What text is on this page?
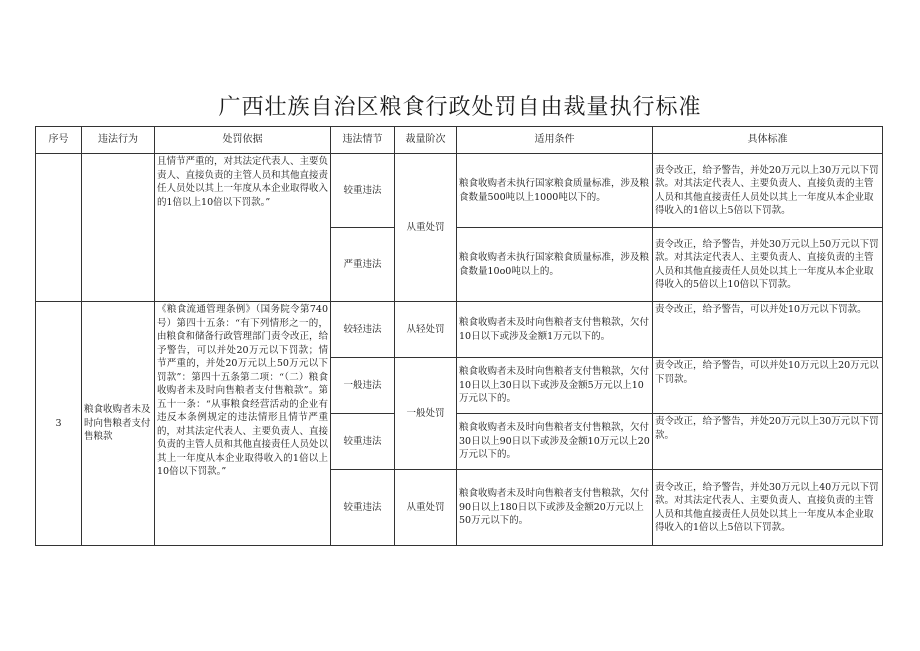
广西壮族自治区粮食行政处罚自由裁量执行标准
序号	违法行为	处罚依据	违法情节	裁量阶次	适用条件	具体标准
		且情节严重的，对其法定代表人、主要负责人、直接负责的主管人员和其他直接责任人员处以其上一年度从本企业取得收入的1倍以上10倍以下罚款。”	较重违法	从重处罚	粮食收购者未执行国家粮食质量标准，涉及粮食数量500吨以上1000吨以下的。	责令改正，给予警告，并处20万元以上30万元以下罚款。对其法定代表人、主要负责人、直接负责的主管人员和其他直接责任人员处以其上一年度从本企业取得收入的1倍以上5倍以下罚款。
			严重违法		粮食收购者未执行国家粮食质量标准，涉及粮食数量10o0吨以上的。	责令改正，给予警告，并处30万元以上50万元以下罚款。对其法定代表人、主要负责人、直接负责的主管人员和其他直接责任人员处以其上一年度从本企业取得收入的5倍以上10倍以下罚款。
3	粮食收购者未及时向售粮者支付售粮款	《粮食流通管理条例》（国务院令第740号）第四十五条：“有下列情形之一的，由粮食和储备行政管理部门责令改正，给予警告，可以并处20万元以下罚款；情节严重的，并处20万元以上50万元以下罚款”：第四十五条第二项：“（二）粮食收购者未及时向售粮者支付售粮款”。第五十一条：“从事粮食经营活动的企业有违反本条例规定的违法情形且情节严重的，对其法定代表人、主要负责人、直接负责的主管人员和其他直接责任人员处以其上一年度从本企业取得收入的1倍以上10倍以下罚款。”	较轻违法	从轻处罚	粮食收购者未及时向售粮者支付售粮款，欠付10日以下或涉及金额1万元以下的。	责令改正，给予警告，可以并处10万元以下罚款。
			一般违法	一般处罚	粮食收购者未及时向售粮者支付售粮款，欠付10日以上30日以下或涉及金额5万元以上10万元以下的。	责令改正，给予警告，可以并处10万元以上20万元以下罚款。
			较重违法		粮食收购者未及时向售粮者支付售粮款，欠付30日以上90日以下或涉及金额10万元以上20万元以下的。	责令改正，给予警告，并处20万元以上30万元以下罚款。
			较重违法	从重处罚	粮食收购者未及时向售粮者支付售粮款，欠付90日以上180日以下或涉及金额20万元以上50万元以下的。	责令改正，给予警告，并处30万元以上40万元以下罚款。对其法定代表人、主要负责人、直接负责的主管人员和其他直接责任人员处以其上一年度从本企业取得收入的1倍以上5倍以下罚款。
